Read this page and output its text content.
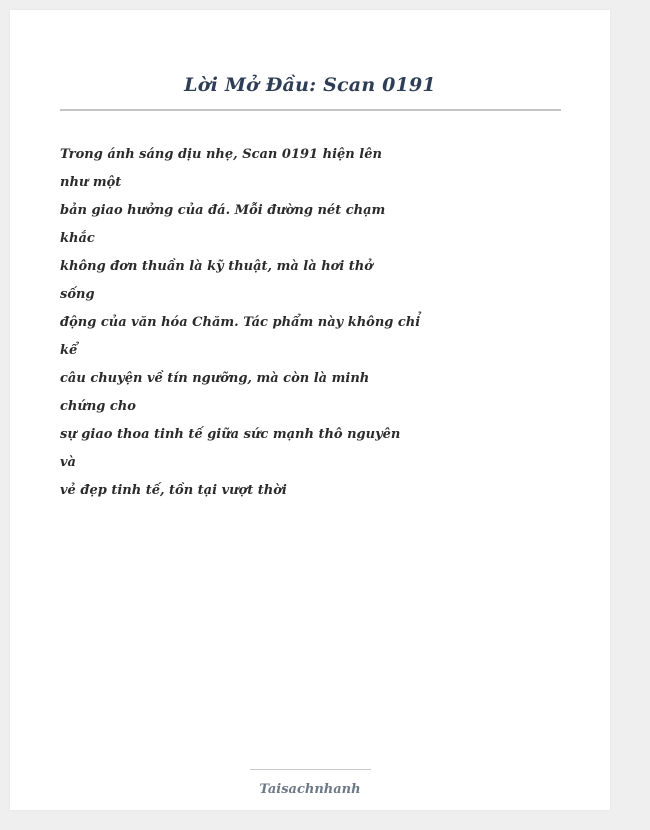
Lời Mở Đầu: Scan 0191
Trong ánh sáng dịu nhẹ, Scan 0191 hiện lên
như một
bản giao hưởng của đá. Mỗi đường nét chạm
khắc
không đơn thuần là kỹ thuật, mà là hơi thở
sống
động của văn hóa Chăm. Tác phẩm này không chỉ
kể
câu chuyện về tín ngưỡng, mà còn là minh
chứng cho
sự giao thoa tinh tế giữa sức mạnh thô nguyên
và
vẻ đẹp tinh tế, tồn tại vượt thời
Taisachnhanh
